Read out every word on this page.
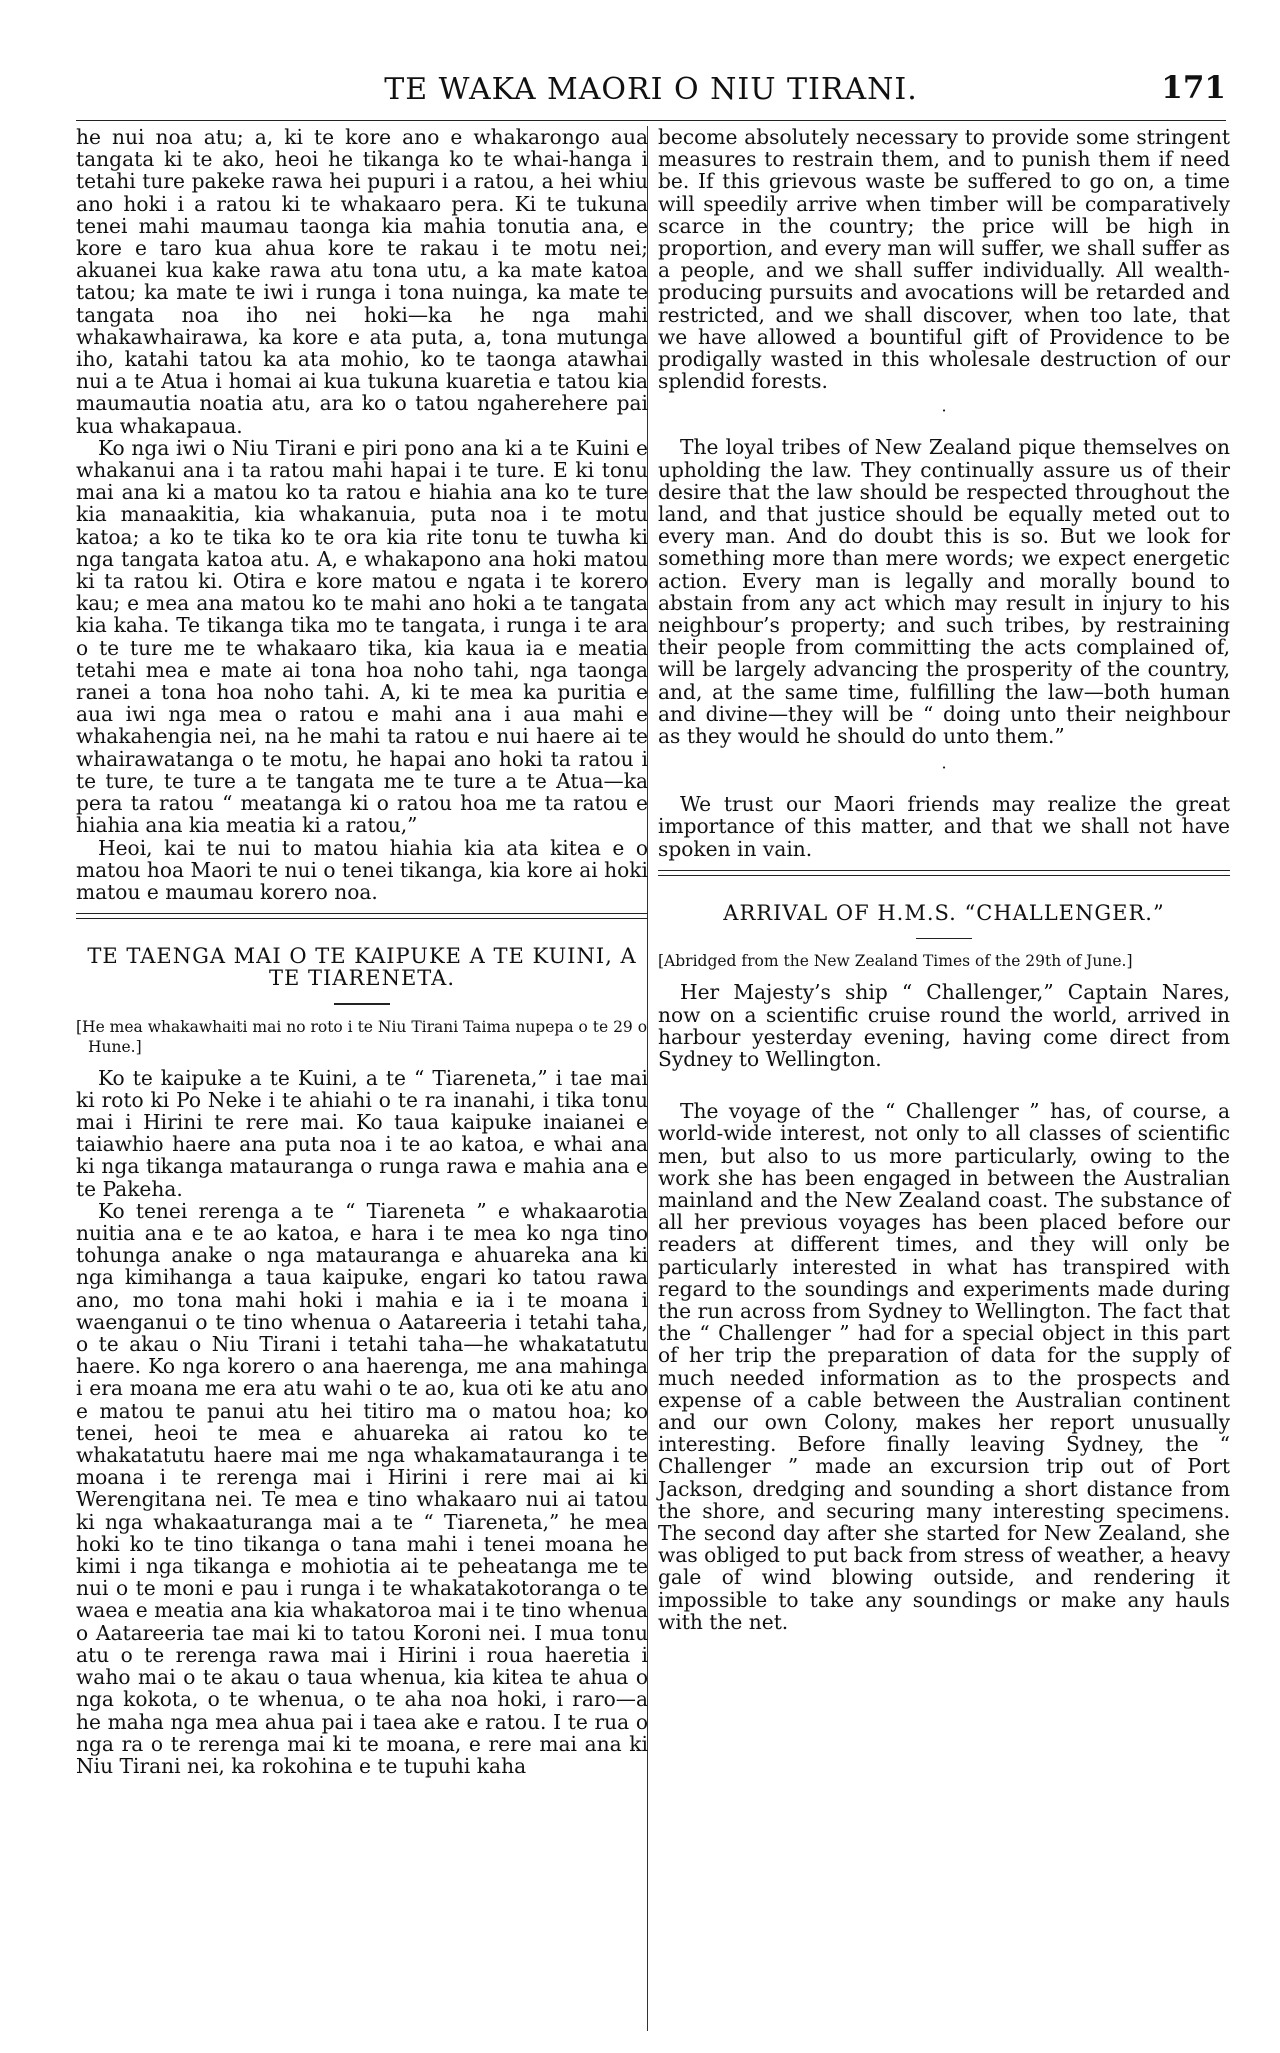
TE WAKA MAORI O NIU TIRANI.	171

he nui noa atu; a, ki te kore ano e whakarongo aua tangata ki te ako, heoi he tikanga ko te whai-hanga i tetahi ture pakeke rawa hei pupuri i a ratou, a hei whiu ano hoki i a ratou ki te whakaaro pera. Ki te tukuna tenei mahi maumau taonga kia mahia tonutia ana, e kore e taro kua ahua kore te rakau i te motu nei; akuanei kua kake rawa atu tona utu, a ka mate katoa tatou; ka mate te iwi i runga i tona nuinga, ka mate te tangata noa iho nei hoki—ka he nga mahi whakawhairawa, ka kore e ata puta, a, tona mutunga iho, katahi tatou ka ata mohio, ko te taonga atawhai nui a te Atua i homai ai kua tukuna kuaretia e tatou kia maumautia noatia atu, ara ko o tatou ngaherehere pai kua whakapaua.

Ko nga iwi o Niu Tirani e piri pono ana ki a te Kuini e whakanui ana i ta ratou mahi hapai i te ture. E ki tonu mai ana ki a matou ko ta ratou e hiahia ana ko te ture kia manaakitia, kia whakanuia, puta noa i te motu katoa; a ko te tika ko te ora kia rite tonu te tuwha ki nga tangata katoa atu. A, e whakapono ana hoki matou ki ta ratou ki. Otira e kore matou e ngata i te korero kau; e mea ana matou ko te mahi ano hoki a te tangata kia kaha. Te tikanga tika mo te tangata, i runga i te ara o te ture me te whakaaro tika, kia kaua ia e meatia tetahi mea e mate ai tona hoa noho tahi, nga taonga ranei a tona hoa noho tahi. A, ki te mea ka puritia e aua iwi nga mea o ratou e mahi ana i aua mahi e whakahengia nei, na he mahi ta ratou e nui haere ai te whairawatanga o te motu, he hapai ano hoki ta ratou i te ture, te ture a te tangata me te ture a te Atua—ka pera ta ratou “ meatanga ki o ratou hoa me ta ratou e hiahia ana kia meatia ki a ratou,”

Heoi, kai te nui to matou hiahia kia ata kitea e o matou hoa Maori te nui o tenei tikanga, kia kore ai hoki matou e maumau korero noa.

TE TAENGA MAI O TE KAIPUKE A TE KUINI, A TE TIARENETA.

[He mea whakawhaiti mai no roto i te Niu Tirani Taima nupepa o te 29 o Hune.]

Ko te kaipuke a te Kuini, a te “ Tiareneta,” i tae mai ki roto ki Po Neke i te ahiahi o te ra inanahi, i tika tonu mai i Hirini te rere mai. Ko taua kaipuke inaianei e taiawhio haere ana puta noa i te ao katoa, e whai ana ki nga tikanga matauranga o runga rawa e mahia ana e te Pakeha.

Ko tenei rerenga a te “ Tiareneta ” e whakaarotia nuitia ana e te ao katoa, e hara i te mea ko nga tino tohunga anake o nga matauranga e ahuareka ana ki nga kimihanga a taua kaipuke, engari ko tatou rawa ano, mo tona mahi hoki i mahia e ia i te moana i waenganui o te tino whenua o Aatareeria i tetahi taha, o te akau o Niu Tirani i tetahi taha—he whakatatutu haere. Ko nga korero o ana haerenga, me ana mahinga i era moana me era atu wahi o te ao, kua oti ke atu ano e matou te panui atu hei titiro ma o matou hoa; ko tenei, heoi te mea e ahuareka ai ratou ko te whakatatutu haere mai me nga whakamatauranga i te moana i te rerenga mai i Hirini i rere mai ai ki Werengitana nei. Te mea e tino whakaaro nui ai tatou ki nga whakaaturanga mai a te “ Tiareneta,” he mea hoki ko te tino tikanga o tana mahi i tenei moana he kimi i nga tikanga e mohiotia ai te peheatanga me te nui o te moni e pau i runga i te whakatakotoranga o te waea e meatia ana kia whakatoroa mai i te tino whenua o Aatareeria tae mai ki to tatou Koroni nei. I mua tonu atu o te rerenga rawa mai i Hirini i roua haeretia i waho mai o te akau o taua whenua, kia kitea te ahua o nga kokota, o te whenua, o te aha noa hoki, i raro—a he maha nga mea ahua pai i taea ake e ratou. I te rua o nga ra o te rerenga mai ki te moana, e rere mai ana ki Niu Tirani nei, ka rokohina e te tupuhi kaha

become absolutely necessary to provide some stringent measures to restrain them, and to punish them if need be. If this grievous waste be suffered to go on, a time will speedily arrive when timber will be comparatively scarce in the country; the price will be high in proportion, and every man will suffer, we shall suffer as a people, and we shall suffer individually. All wealth-producing pursuits and avocations will be retarded and restricted, and we shall discover, when too late, that we have allowed a bountiful gift of Providence to be prodigally wasted in this wholesale destruction of our splendid forests.

·

The loyal tribes of New Zealand pique themselves on upholding the law. They continually assure us of their desire that the law should be respected throughout the land, and that justice should be equally meted out to every man. And do doubt this is so. But we look for something more than mere words; we expect energetic action. Every man is legally and morally bound to abstain from any act which may result in injury to his neighbour’s property; and such tribes, by restraining their people from committing the acts complained of, will be largely advancing the prosperity of the country, and, at the same time, fulfilling the law—both human and divine—they will be “ doing unto their neighbour as they would he should do unto them.”

·

We trust our Maori friends may realize the great importance of this matter, and that we shall not have spoken in vain.

ARRIVAL OF H.M.S. “CHALLENGER.”

[Abridged from the New Zealand Times of the 29th of June.]

Her Majesty’s ship “ Challenger,” Captain Nares, now on a scientific cruise round the world, arrived in harbour yesterday evening, having come direct from Sydney to Wellington.

The voyage of the “ Challenger ” has, of course, a world-wide interest, not only to all classes of scientific men, but also to us more particularly, owing to the work she has been engaged in between the Australian mainland and the New Zealand coast. The substance of all her previous voyages has been placed before our readers at different times, and they will only be particularly interested in what has transpired with regard to the soundings and experiments made during the run across from Sydney to Wellington. The fact that the “ Challenger ” had for a special object in this part of her trip the preparation of data for the supply of much needed information as to the prospects and expense of a cable between the Australian continent and our own Colony, makes her report unusually interesting. Before finally leaving Sydney, the “ Challenger ” made an excursion trip out of Port Jackson, dredging and sounding a short distance from the shore, and securing many interesting specimens. The second day after she started for New Zealand, she was obliged to put back from stress of weather, a heavy gale of wind blowing outside, and rendering it impossible to take any soundings or make any hauls with the net.
